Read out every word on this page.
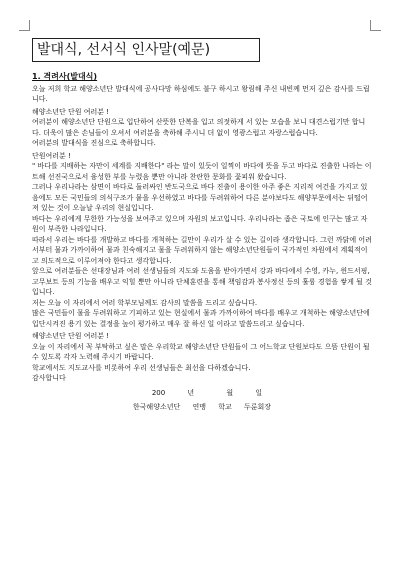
발대식, 선서식 인사말(예문)
1. 격려사(발대식)

오늘 저희 학교 해양소년단 발대식에 공사다망 하심에도 불구 하시고 왕림해 주신 내빈께 먼저 깊은 감사를 드립니다.

해양소년단 단원 여러분 !

여러분이 해양소년단 단원으로 입단하여 산뜻한 단복을 입고 의젓하게 서 있는 모습을 보니 대견스럽기만 합니다. 더욱이 많은 손님들이 오셔서 여러분을 축하해 주시니 더 없이 영광스럽고 자랑스럽습니다.

여러분의 발대식을 진심으로 축하합니다.

단원여러분 !

" 바다를 지배하는 자만이 세계를 지배한다" 라는 말이 있듯이 일찍이 바다에 뜻을 두고 바다로 진출한 나라는 이트해 선진국으로서 융성한 부를 누렸음 뿐만 아니라 찬란한 문화를 꽃피워 왔습니다.

그러나 우리나라는 삼면이 바다로 둘러싸인 반도국으로 바다 진출이 용이한 아주 좋은 지리적 여건을 가지고 있음에도 모든 국민들의 의식구조가 뭍을 우선하였고 바다를 두려워하여 다른 분야보다도 해양부문에서는 뒤떨어져 있는 것이 오늘날 우리의 현실입니다.

바다는 우리에게 무한한 가능성을 보여주고 있으며 자원의 보고입니다. 우리나라는 좁은 국토에 인구는 많고 자원이 부족한 나라입니다.

따라서 우리는 바다를 개발하고 바다를 개척하는 길만이 우리가 살 수 있는 길이라 생각합니다. 그런 까닭에 어려서부터 물과 가까이하여 물과 친숙해지고 물을 두려워하지 않는 해양소년단원들이 국가적인 차원에서 계획적이고 의도적으로 이루어져야 한다고 생각합니다.

앞으로 여러분들은 선대장님과 여러 선생님들의 지도와 도움을 받아가면서 강과 바다에서 수영, 카누, 윈드서핑, 고무보트 등의 기능을 배우고 익힐 뿐만 아니라 단체훈련을 통해 책임감과 봉사정신 등의 훌륭 경험을 쌓게 될 것입니다.

저는 오늘 이 자리에서 여러 학부모님께도 감사의 말씀을 드리고 싶습니다.

많은 국민들이 물을 두려워하고 기피하고 있는 현실에서 물과 가까이하여 바다를 배우고 개척하는 해양소년단에 입단시켜진 용기 있는 결정을 높이 평가하고 매우 잘 하신 일 이라고 말씀드리고 싶습니다.

해양소년단 단원 여러분 !

오늘 이 자리에서 꼭 부탁하고 싶은 말은 우리학교 해양소년단 단원들이 그 어느학교 단원보다도 으뜸 단원이 될 수 있도록 각자 노력해 주시기 바랍니다.

학교에서도 지도교사를 비롯하여 우리 선생님들은 최선을 다하겠습니다.

감사합니다

200	년	월	일
한국해양소년단 연맹 학교 두룬회장
